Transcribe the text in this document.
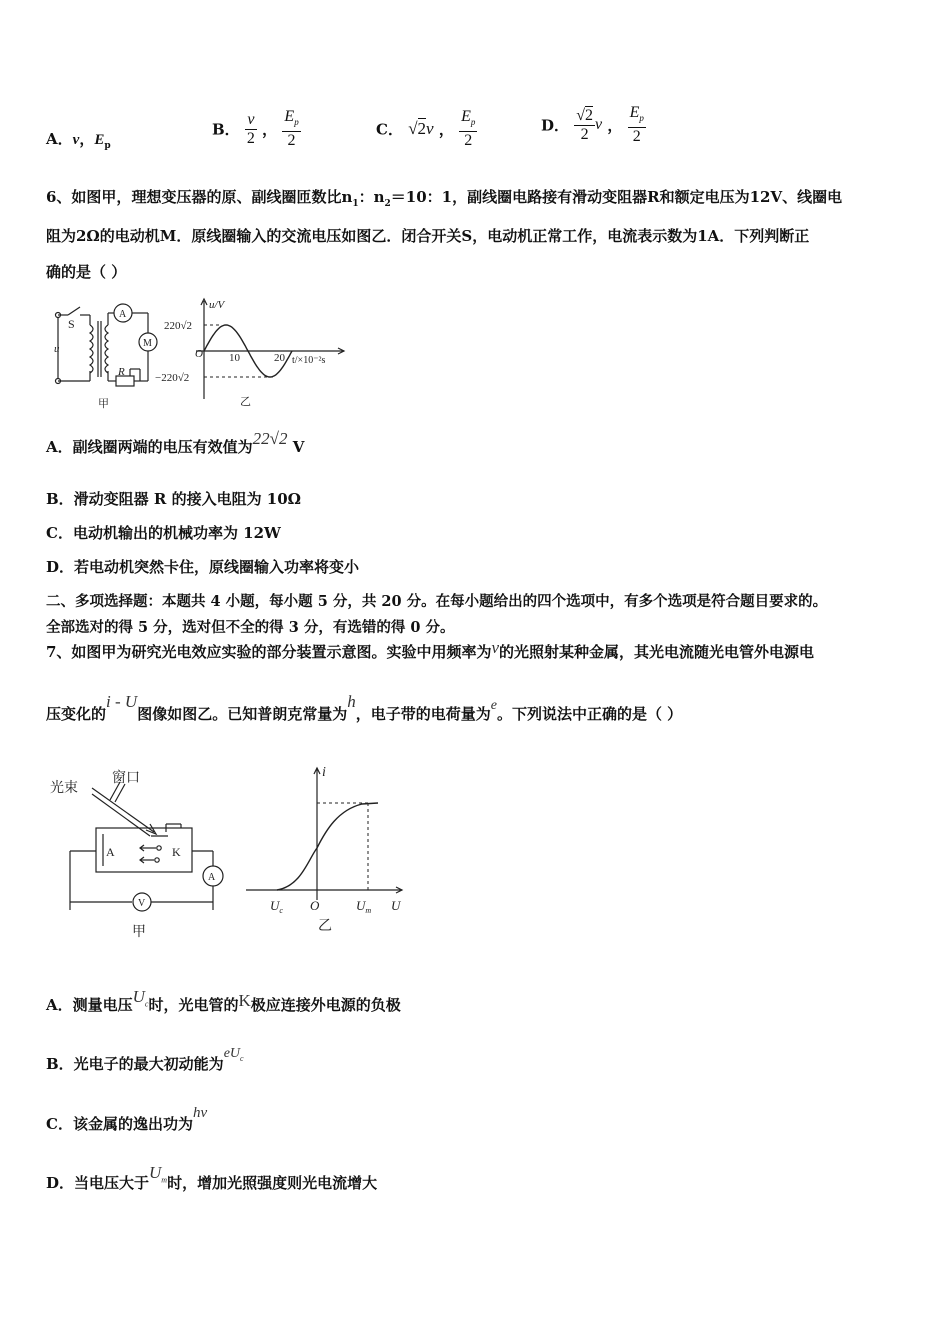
A．v，$E_p$
B． $\frac{v}{2}$ ， $\frac{E_p}{2}$	C． √2v ， $\frac{E_p}{2}$	D． $\frac{√2}{2}$ v ， $\frac{E_p}{2}$
6、如图甲，理想变压器的原、副线圈匝数比$n_1$：$n_2=10$：1，副线圈电路接有滑动变阻器R和额定电压为12V、线圈电
阻为2Ω的电动机M．原线圈输入的交流电压如图乙．闭合开关S，电动机正常工作，电流表示数为1A．下列判断正
确的是（ ）
S
A
M
R
u
甲	乙
u/V
220√2
−220√2
O 10	20 t/×10⁻²s
A．副线圈两端的电压有效值为22√2 V
B．滑动变阻器 R 的接入电阻为 10Ω
C．电动机输出的机械功率为 12W
D．若电动机突然卡住，原线圈输入功率将变小
二、多项选择题：本题共 4 小题，每小题 5 分，共 20 分。在每小题给出的四个选项中，有多个选项是符合题目要求的。
全部选对的得 5 分，选对但不全的得 3 分，有选错的得 0 分。
7、如图甲为研究光电效应实验的部分装置示意图。实验中用频率为ν的光照射某种金属，其光电流随光电管外电源电
压变化的i - U图像如图乙。已知普朗克常量为h，电子带的电荷量为e。下列说法中正确的是（ ）
光束
窗口
A	K
A
V
甲	乙
i
$U_c$ O	$U_m$ U
A．测量电压$U_c$时，光电管的K极应连接外电源的负极
B．光电子的最大初动能为$eU_c$
C．该金属的逸出功为hν
D．当电压大于$U_m$时，增加光照强度则光电流增大
